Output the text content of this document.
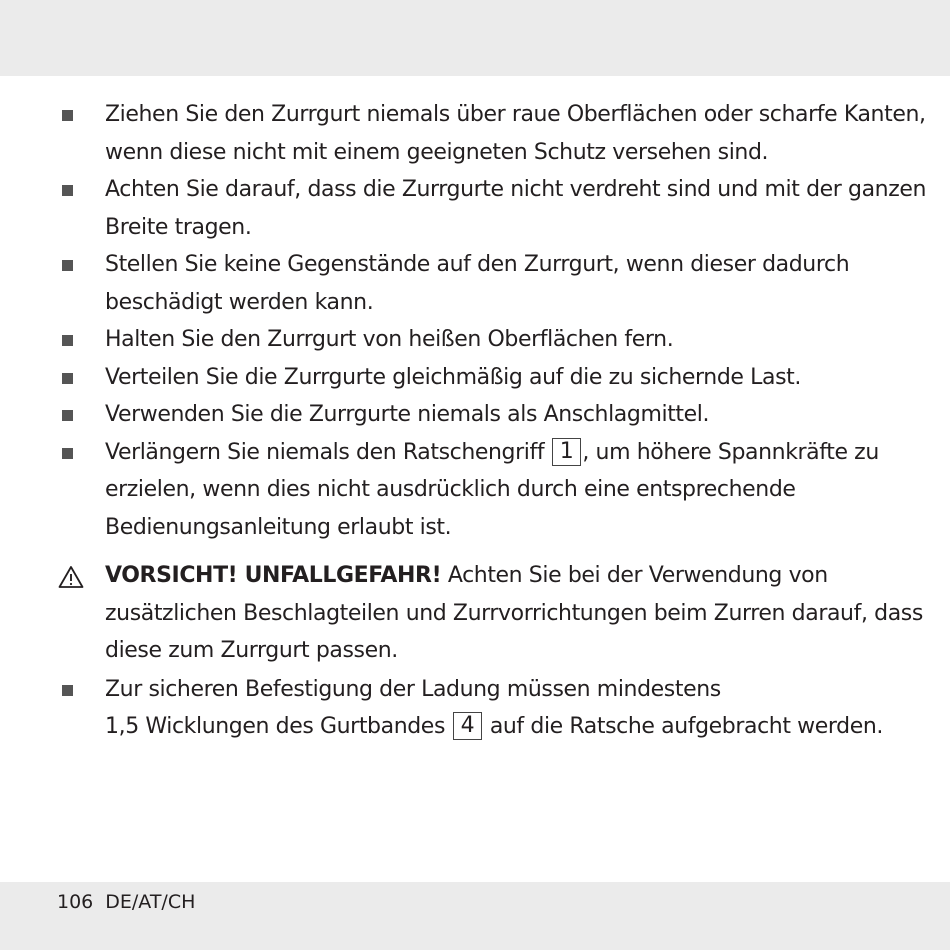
Ziehen Sie den Zurrgurt niemals über raue Oberflächen oder scharfe Kanten, wenn diese nicht mit einem geeigneten Schutz versehen sind.
Achten Sie darauf, dass die Zurrgurte nicht verdreht sind und mit der ganzen Breite tragen.
Stellen Sie keine Gegenstände auf den Zurrgurt, wenn dieser dadurch beschädigt werden kann.
Halten Sie den Zurrgurt von heißen Oberflächen fern.
Verteilen Sie die Zurrgurte gleichmäßig auf die zu sichernde Last.
Verwenden Sie die Zurrgurte niemals als Anschlagmittel.
Verlängern Sie niemals den Ratschengriff 1 , um höhere Spannkräfte zu erzielen, wenn dies nicht ausdrücklich durch eine entsprechende Bedienungsanleitung erlaubt ist.
VORSICHT! UNFALLGEFAHR! Achten Sie bei der Verwendung von zusätzlichen Beschlagteilen und Zurrvorrichtungen beim Zurren darauf, dass diese zum Zurrgurt passen.
Zur sicheren Befestigung der Ladung müssen mindestens
1,5 Wicklungen des Gurtbandes 4 auf die Ratsche aufgebracht werden.
106 DE/AT/CH
